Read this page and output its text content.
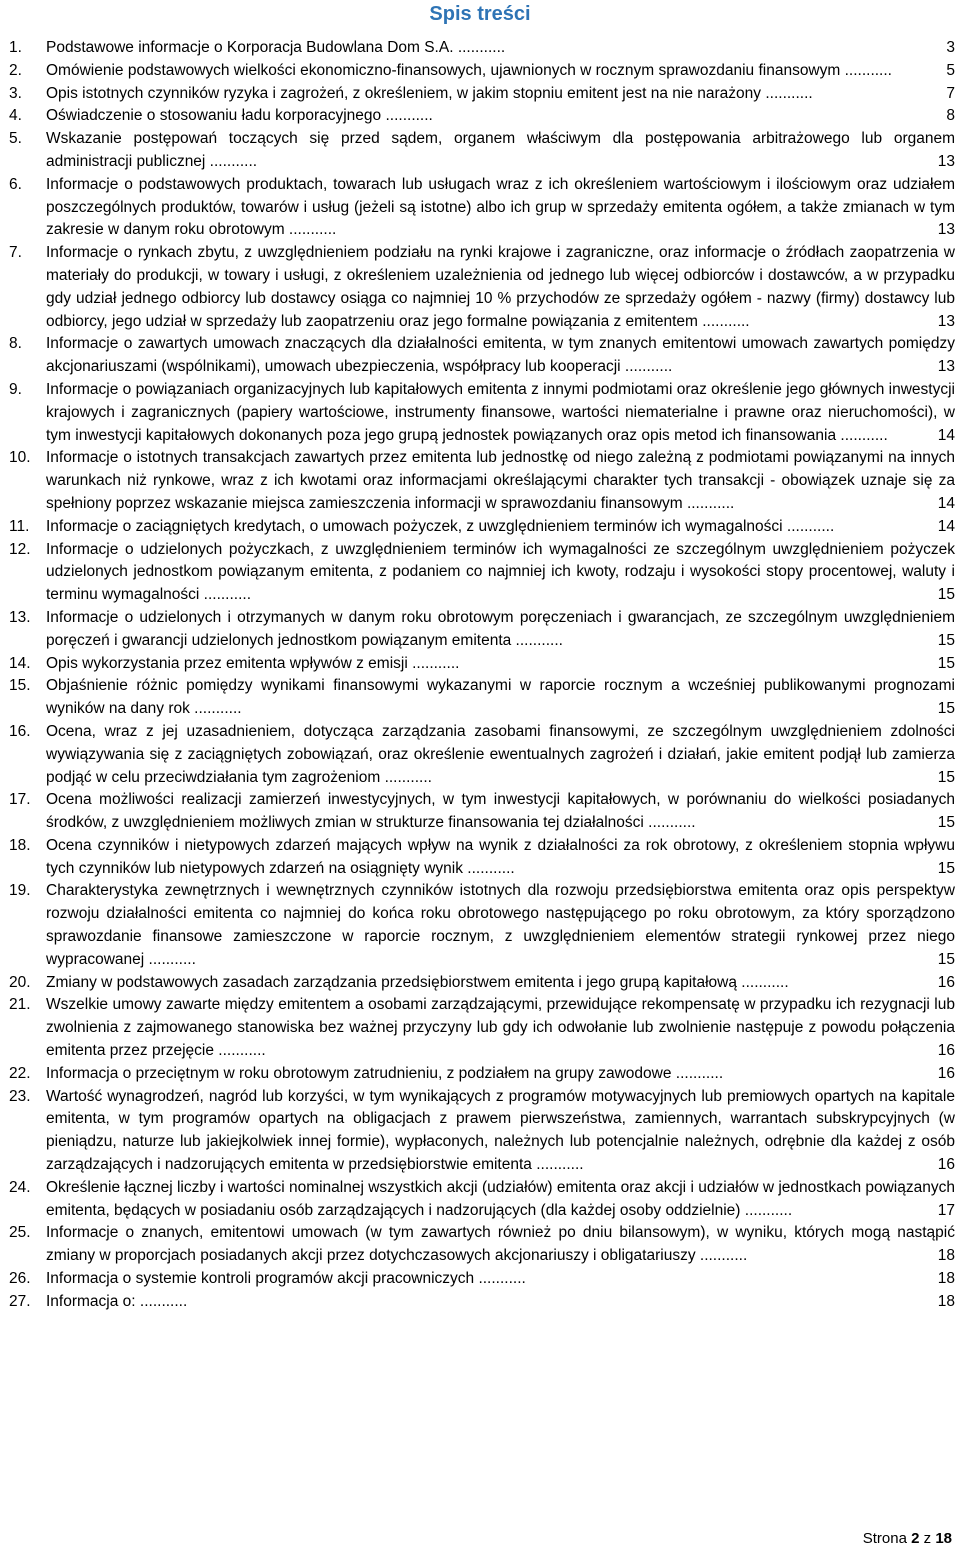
Spis treści
1.	Podstawowe informacje o Korporacja Budowlana Dom S.A. ...........	3
2.	Omówienie podstawowych wielkości ekonomiczno-finansowych, ujawnionych w rocznym sprawozdaniu finansowym ...........	5
3.	Opis istotnych czynników ryzyka i zagrożeń, z określeniem, w jakim stopniu emitent jest na nie narażony ...........	7
4.	Oświadczenie o stosowaniu ładu korporacyjnego ...........	8
5.	Wskazanie postępowań toczących się przed sądem, organem właściwym dla postępowania arbitrażowego lub organem administracji publicznej ...........	13
6.	Informacje o podstawowych produktach, towarach lub usługach wraz z ich określeniem wartościowym i ilościowym oraz udziałem poszczególnych produktów, towarów i usług (jeżeli są istotne) albo ich grup w sprzedaży emitenta ogółem, a także zmianach w tym zakresie w danym roku obrotowym ...........	13
7.	Informacje o rynkach zbytu, z uwzględnieniem podziału na rynki krajowe i zagraniczne, oraz informacje o źródłach zaopatrzenia w materiały do produkcji, w towary i usługi, z określeniem uzależnienia od jednego lub więcej odbiorców i dostawców, a w przypadku gdy udział jednego odbiorcy lub dostawcy osiąga co najmniej 10 % przychodów ze sprzedaży ogółem - nazwy (firmy) dostawcy lub odbiorcy, jego udział w sprzedaży lub zaopatrzeniu oraz jego formalne powiązania z emitentem ...........	13
8.	Informacje o zawartych umowach znaczących dla działalności emitenta, w tym znanych emitentowi umowach zawartych pomiędzy akcjonariuszami (wspólnikami), umowach ubezpieczenia, współpracy lub kooperacji ...........	13
9.	Informacje o powiązaniach organizacyjnych lub kapitałowych emitenta z innymi podmiotami oraz określenie jego głównych inwestycji krajowych i zagranicznych (papiery wartościowe, instrumenty finansowe, wartości niematerialne i prawne oraz nieruchomości), w tym inwestycji kapitałowych dokonanych poza jego grupą jednostek powiązanych oraz opis metod ich finansowania ...........	14
10. Informacje o istotnych transakcjach zawartych przez emitenta lub jednostkę od niego zależną z podmiotami powiązanymi na innych warunkach niż rynkowe, wraz z ich kwotami oraz informacjami określającymi charakter tych transakcji - obowiązek uznaje się za spełniony poprzez wskazanie miejsca zamieszczenia informacji w sprawozdaniu finansowym ...........	14
11.	Informacje o zaciągniętych kredytach, o umowach pożyczek, z uwzględnieniem terminów ich wymagalności ...........	14
12. Informacje o udzielonych pożyczkach, z uwzględnieniem terminów ich wymagalności ze szczególnym uwzględnieniem pożyczek udzielonych jednostkom powiązanym emitenta, z podaniem co najmniej ich kwoty, rodzaju i wysokości stopy procentowej, waluty i terminu wymagalności ...........	15
13. Informacje o udzielonych i otrzymanych w danym roku obrotowym poręczeniach i gwarancjach, ze szczególnym uwzględnieniem poręczeń i gwarancji udzielonych jednostkom powiązanym emitenta ...........	15
14. Opis wykorzystania przez emitenta wpływów z emisji ...........	15
15. Objaśnienie różnic pomiędzy wynikami finansowymi wykazanymi w raporcie rocznym a wcześniej publikowanymi prognozami wyników na dany rok ...........	15
16. Ocena, wraz z jej uzasadnieniem, dotycząca zarządzania zasobami finansowymi, ze szczególnym uwzględnieniem zdolności wywiązywania się z zaciągniętych zobowiązań, oraz określenie ewentualnych zagrożeń i działań, jakie emitent podjął lub zamierza podjąć w celu przeciwdziałania tym zagrożeniom ...........	15
17. Ocena możliwości realizacji zamierzeń inwestycyjnych, w tym inwestycji kapitałowych, w porównaniu do wielkości posiadanych środków, z uwzględnieniem możliwych zmian w strukturze finansowania tej działalności ...........	15
18. Ocena czynników i nietypowych zdarzeń mających wpływ na wynik z działalności za rok obrotowy, z określeniem stopnia wpływu tych czynników lub nietypowych zdarzeń na osiągnięty wynik ...........	15
19. Charakterystyka zewnętrznych i wewnętrznych czynników istotnych dla rozwoju przedsiębiorstwa emitenta oraz opis perspektyw rozwoju działalności emitenta co najmniej do końca roku obrotowego następującego po roku obrotowym, za który sporządzono sprawozdanie finansowe zamieszczone w raporcie rocznym, z uwzględnieniem elementów strategii rynkowej przez niego wypracowanej ...........	15
20. Zmiany w podstawowych zasadach zarządzania przedsiębiorstwem emitenta i jego grupą kapitałową ...........	16
21. Wszelkie umowy zawarte między emitentem a osobami zarządzającymi, przewidujące rekompensatę w przypadku ich rezygnacji lub zwolnienia z zajmowanego stanowiska bez ważnej przyczyny lub gdy ich odwołanie lub zwolnienie następuje z powodu połączenia emitenta przez przejęcie ...........	16
22. Informacja o przeciętnym w roku obrotowym zatrudnieniu, z podziałem na grupy zawodowe ...........	16
23. Wartość wynagrodzeń, nagród lub korzyści, w tym wynikających z programów motywacyjnych lub premiowych opartych na kapitale emitenta, w tym programów opartych na obligacjach z prawem pierwszeństwa, zamiennych, warrantach subskrypcyjnych (w pieniądzu, naturze lub jakiejkolwiek innej formie), wypłaconych, należnych lub potencjalnie należnych, odrębnie dla każdej z osób zarządzających i nadzorujących emitenta w przedsiębiorstwie emitenta ...........	16
24. Określenie łącznej liczby i wartości nominalnej wszystkich akcji (udziałów) emitenta oraz akcji i udziałów w jednostkach powiązanych emitenta, będących w posiadaniu osób zarządzających i nadzorujących (dla każdej osoby oddzielnie) ...........	17
25. Informacje o znanych, emitentowi umowach (w tym zawartych również po dniu bilansowym), w wyniku, których mogą nastąpić zmiany w proporcjach posiadanych akcji przez dotychczasowych akcjonariuszy i obligatariuszy ...........	18
26. Informacja o systemie kontroli programów akcji pracowniczych ...........	18
27. Informacja o: ...........	18
Strona 2 z 18
